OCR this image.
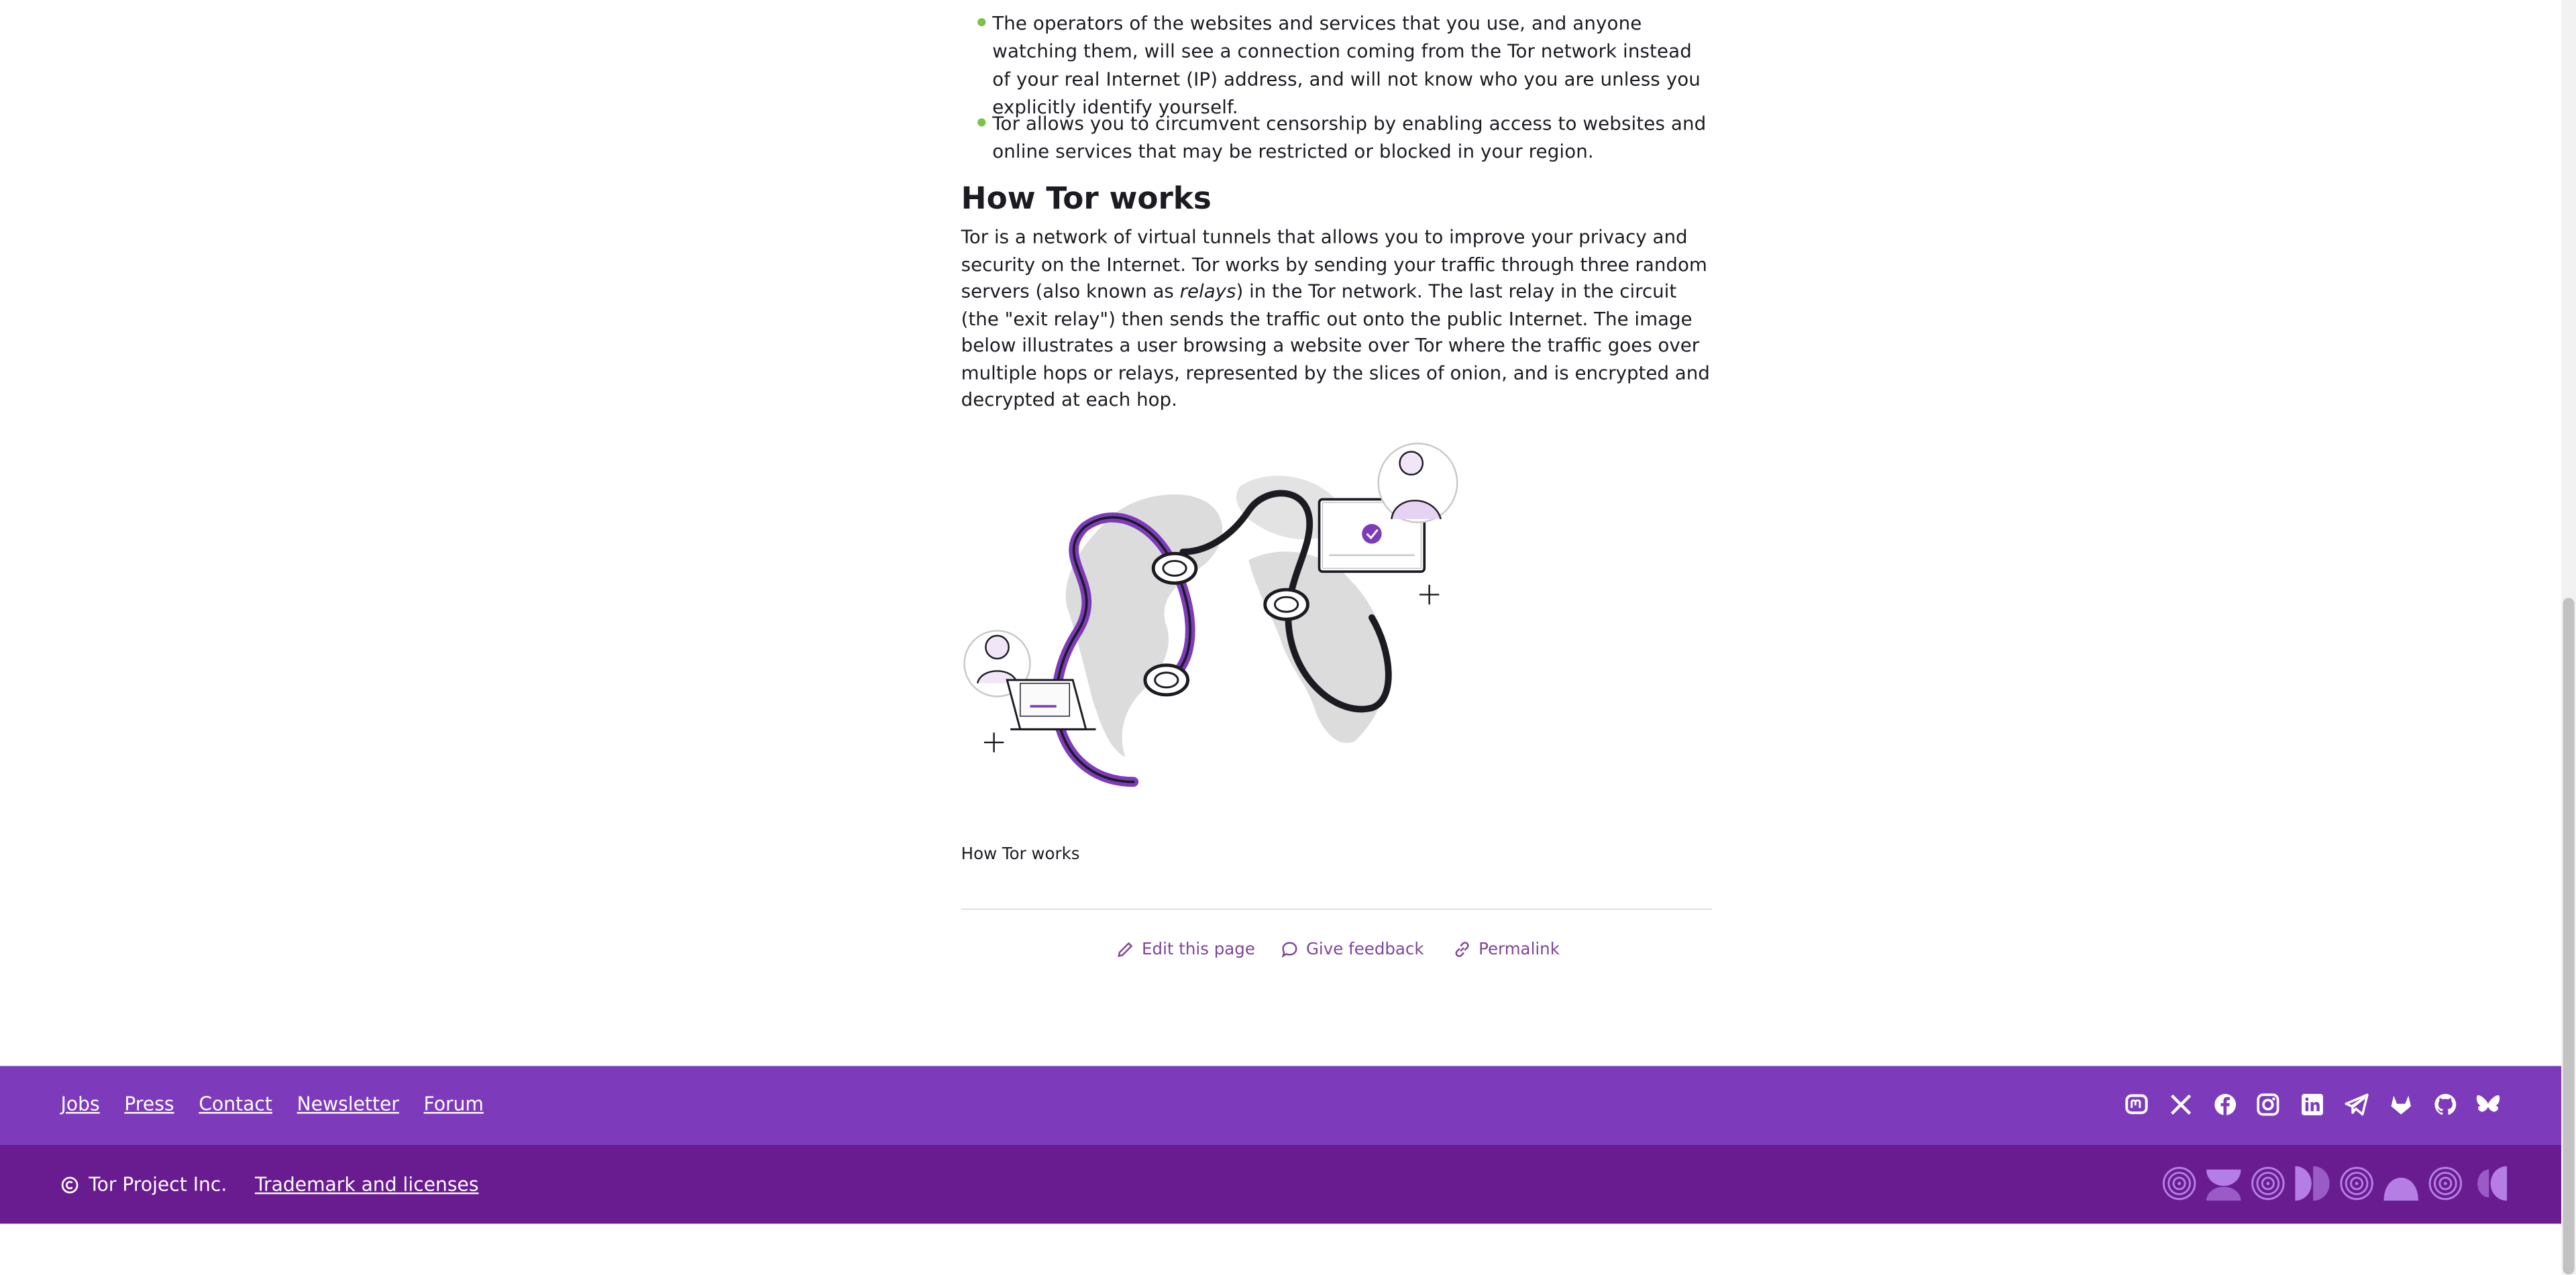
The operators of the websites and services that you use, and anyone watching them, will see a connection coming from the Tor network instead of your real Internet (IP) address, and will not know who you are unless you explicitly identify yourself.
Tor allows you to circumvent censorship by enabling access to websites and online services that may be restricted or blocked in your region.
How Tor works

Tor is a network of virtual tunnels that allows you to improve your privacy and security on the Internet. Tor works by sending your traffic through three random servers (also known as relays) in the Tor network. The last relay in the circuit (the "exit relay") then sends the traffic out onto the public Internet. The image below illustrates a user browsing a website over Tor where the traffic goes over multiple hops or relays, represented by the slices of onion, and is encrypted and decrypted at each hop.

How Tor works
Edit this page	Give feedback	Permalink
Jobs	Press	Contact	Newsletter	Forum
Tor Project Inc.	Trademark and licenses
